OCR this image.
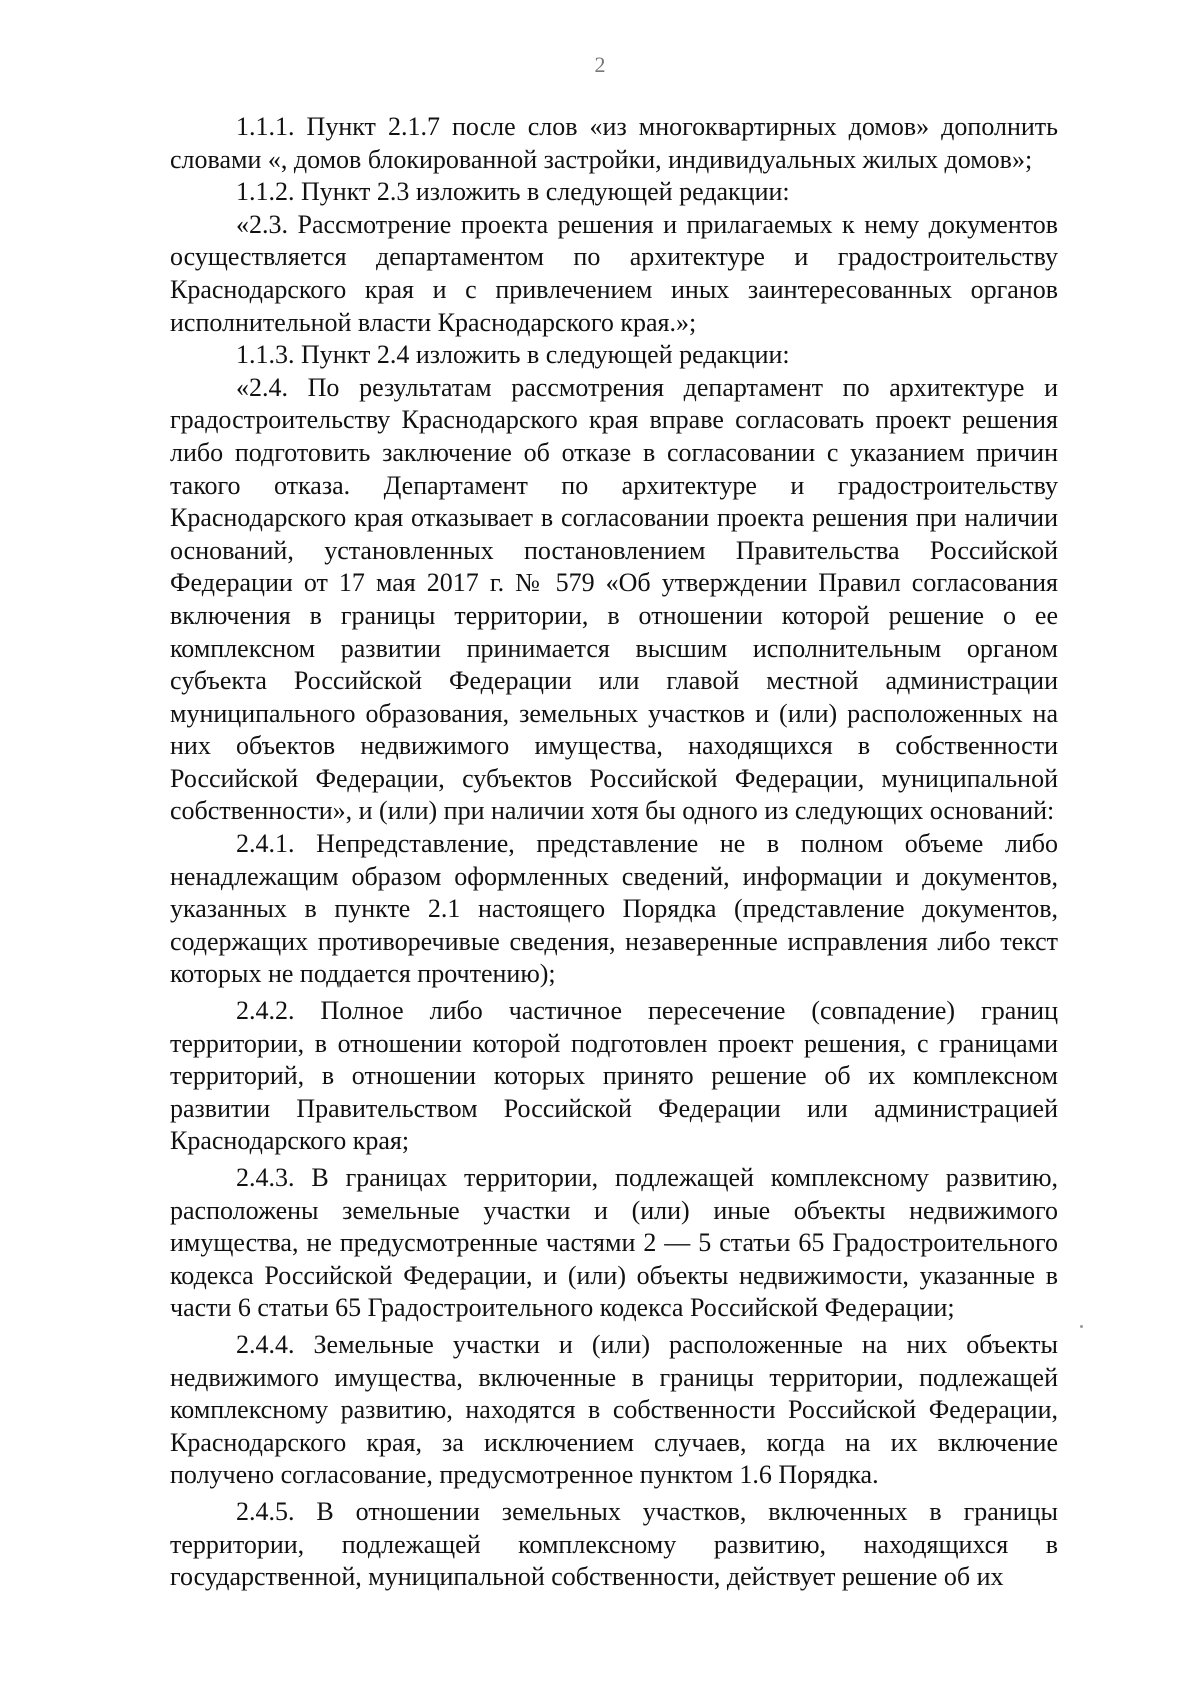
2

1.1.1. Пункт 2.1.7 после слов «из многоквартирных домов» дополнить словами «, домов блокированной застройки, индивидуальных жилых домов»;

1.1.2. Пункт 2.3 изложить в следующей редакции:

«2.3. Рассмотрение проекта решения и прилагаемых к нему документов осуществляется департаментом по архитектуре и градостроительству Краснодарского края и с привлечением иных заинтересованных органов исполнительной власти Краснодарского края.»;

1.1.3. Пункт 2.4 изложить в следующей редакции:

«2.4. По результатам рассмотрения департамент по архитектуре и градостроительству Краснодарского края вправе согласовать проект решения либо подготовить заключение об отказе в согласовании с указанием причин такого отказа. Департамент по архитектуре и градостроительству Краснодарского края отказывает в согласовании проекта решения при наличии оснований, установленных постановлением Правительства Российской Федерации от 17 мая 2017 г. № 579 «Об утверждении Правил согласования включения в границы территории, в отношении которой решение о ее комплексном развитии принимается высшим исполнительным органом субъекта Российской Федерации или главой местной администрации муниципального образования, земельных участков и (или) расположенных на них объектов недвижимого имущества, находящихся в собственности Российской Федерации, субъектов Российской Федерации, муниципальной собственности», и (или) при наличии хотя бы одного из следующих оснований:

2.4.1. Непредставление, представление не в полном объеме либо ненадлежащим образом оформленных сведений, информации и документов, указанных в пункте 2.1 настоящего Порядка (представление документов, содержащих противоречивые сведения, незаверенные исправления либо текст которых не поддается прочтению);

2.4.2. Полное либо частичное пересечение (совпадение) границ территории, в отношении которой подготовлен проект решения, с границами территорий, в отношении которых принято решение об их комплексном развитии Правительством Российской Федерации или администрацией Краснодарского края;

2.4.3. В границах территории, подлежащей комплексному развитию, расположены земельные участки и (или) иные объекты недвижимого имущества, не предусмотренные частями 2 — 5 статьи 65 Градостроительного кодекса Российской Федерации, и (или) объекты недвижимости, указанные в части 6 статьи 65 Градостроительного кодекса Российской Федерации;

2.4.4. Земельные участки и (или) расположенные на них объекты недвижимого имущества, включенные в границы территории, подлежащей комплексному развитию, находятся в собственности Российской Федерации, Краснодарского края, за исключением случаев, когда на их включение получено согласование, предусмотренное пунктом 1.6 Порядка.

2.4.5. В отношении земельных участков, включенных в границы территории, подлежащей комплексному развитию, находящихся в государственной, муниципальной собственности, действует решение об их
